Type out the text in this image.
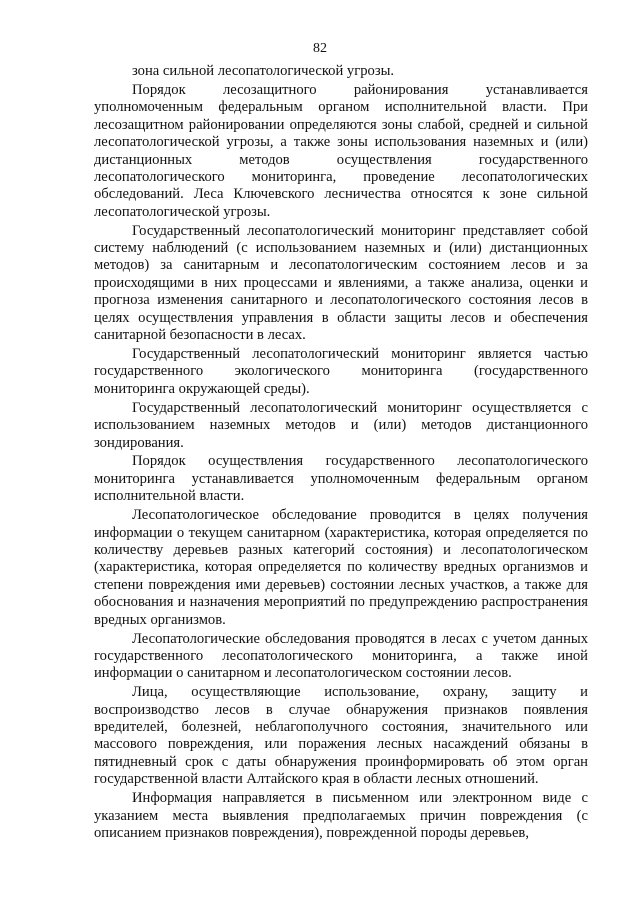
82

зона сильной лесопатологической угрозы.

Порядок лесозащитного районирования устанавливается уполномоченным федеральным органом исполнительной власти. При лесозащитном районировании определяются зоны слабой, средней и сильной лесопатологической угрозы, а также зоны использования наземных и (или) дистанционных методов осуществления государственного лесопатологического мониторинга, проведение лесопатологических обследований. Леса Ключевского лесничества относятся к зоне сильной лесопатологической угрозы.

Государственный лесопатологический мониторинг представляет собой систему наблюдений (с использованием наземных и (или) дистанционных методов) за санитарным и лесопатологическим состоянием лесов и за происходящими в них процессами и явлениями, а также анализа, оценки и прогноза изменения санитарного и лесопатологического состояния лесов в целях осуществления управления в области защиты лесов и обеспечения санитарной безопасности в лесах.

Государственный лесопатологический мониторинг является частью государственного экологического мониторинга (государственного мониторинга окружающей среды).

Государственный лесопатологический мониторинг осуществляется с использованием наземных методов и (или) методов дистанционного зондирования.

Порядок осуществления государственного лесопатологического мониторинга устанавливается уполномоченным федеральным органом исполнительной власти.

Лесопатологическое обследование проводится в целях получения информации о текущем санитарном (характеристика, которая определяется по количеству деревьев разных категорий состояния) и лесопатологическом (характеристика, которая определяется по количеству вредных организмов и степени повреждения ими деревьев) состоянии лесных участков, а также для обоснования и назначения мероприятий по предупреждению распространения вредных организмов.

Лесопатологические обследования проводятся в лесах с учетом данных государственного лесопатологического мониторинга, а также иной информации о санитарном и лесопатологическом состоянии лесов.

Лица, осуществляющие использование, охрану, защиту и воспроизводство лесов в случае обнаружения признаков появления вредителей, болезней, неблагополучного состояния, значительного или массового повреждения, или поражения лесных насаждений обязаны в пятидневный срок с даты обнаружения проинформировать об этом орган государственной власти Алтайского края в области лесных отношений.

Информация направляется в письменном или электронном виде с указанием места выявления предполагаемых причин повреждения (с описанием признаков повреждения), поврежденной породы деревьев,
